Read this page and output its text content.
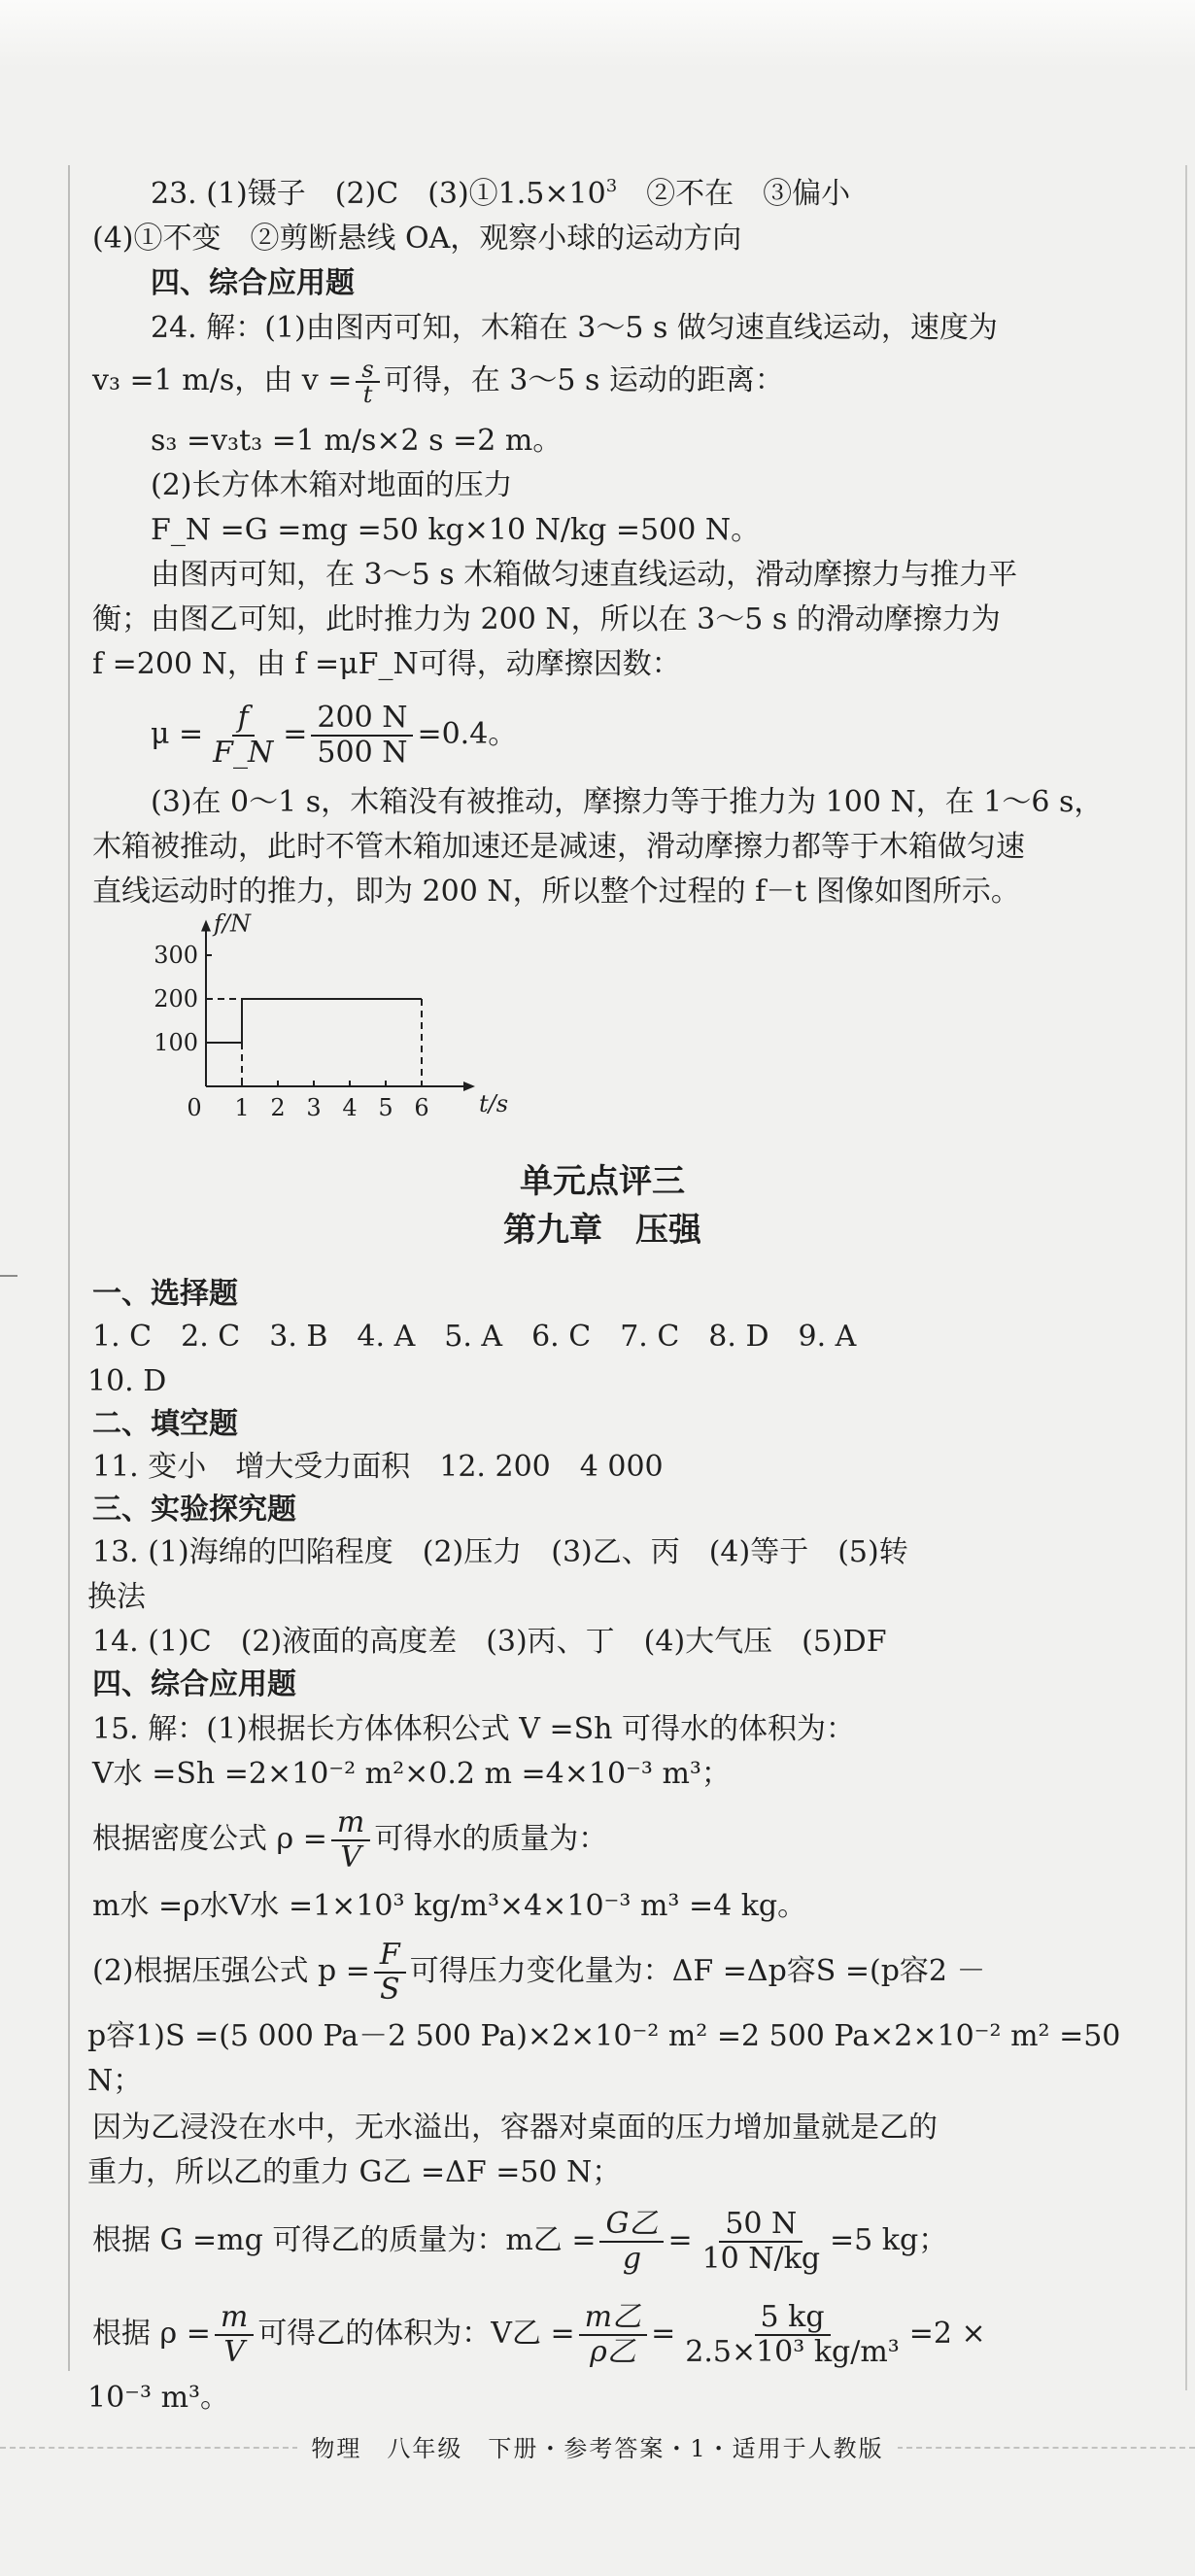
23. (1)镊子　(2)C　$(3)①1.5\times 10^3$　②不在　③偏小
(4)①不变　②剪断悬线 OA，观察小球的运动方向
四、综合应用题
24. 解：(1)由图丙可知，木箱在 3～5 s 做匀速直线运动，速度为
v₃ =1 m/s，由 $v = \frac{s}{t}$ 可得，在 3～5 s 运动的距离：
s₃ =v₃t₃ =1 m/s×2 s =2 m。
(2)长方体木箱对地面的压力
F_N =G =mg =50 kg×10 N/kg =500 N。
由图丙可知，在 3～5 s 木箱做匀速直线运动，滑动摩擦力与推力平
衡；由图乙可知，此时推力为 200 N，所以在 3～5 s 的滑动摩擦力为
f =200 N，由 f =μF_N可得，动摩擦因数：
$\mu = \frac{f}{F\_N} = \frac{200 N}{500 N} =0.4$。
(3)在 0～1 s，木箱没有被推动，摩擦力等于推力为 100 N，在 1～6 s，
木箱被推动，此时不管木箱加速还是减速，滑动摩擦力都等于木箱做匀速
直线运动时的推力，即为 200 N，所以整个过程的 f－t 图像如图所示。
单元点评三
第九章　压强
一、选择题
1. C　2. C　3. B　4. A　5. A　6. C　7. C　8. D　9. A
10. D
二、填空题
11. 变小　增大受力面积　12. 200　4 000
三、实验探究题
13. (1)海绵的凹陷程度　(2)压力　(3)乙、丙　(4)等于　(5)转
换法
14. (1)C　(2)液面的高度差　(3)丙、丁　(4)大气压　(5)DF
四、综合应用题
15. 解：(1)根据长方体体积公式 V =Sh 可得水的体积为：
V水 =Sh =2×10⁻² m²×0.2 m =4×10⁻³ m³；
根据密度公式 $\rho = \frac{m}{V}$ 可得水的质量为：
m水 =ρ水V水 =1×10³ kg/m³×4×10⁻³ m³ =4 kg。
(2)根据压强公式 $p = \frac{F}{S}$ 可得压力变化量为：ΔF =Δp容S =(p容2 －
p容1)S =(5 000 Pa－2 500 Pa)×2×10⁻² m² =2 500 Pa×2×10⁻² m² =50
N；
因为乙浸没在水中，无水溢出，容器对桌面的压力增加量就是乙的
重力，所以乙的重力 G乙 =ΔF =50 N；
根据 G =mg 可得乙的质量为：m乙 = $\frac{\text{G乙}}{g} = \frac{50 N}{10 N/kg} =5$ kg；
根据 $\rho = \frac{m}{V}$ 可得乙的体积为：V乙 = $\frac{\text{m乙}}{\text{ρ乙}} = \frac{5 kg}{\text{2.5×10³ kg/m³}} =2$ ×
10⁻³ m³。
0 1 2 3 4 5 6
100
200
300
f/N
t/s
物理　八年级　下册・参考答案・1・适用于人教版
